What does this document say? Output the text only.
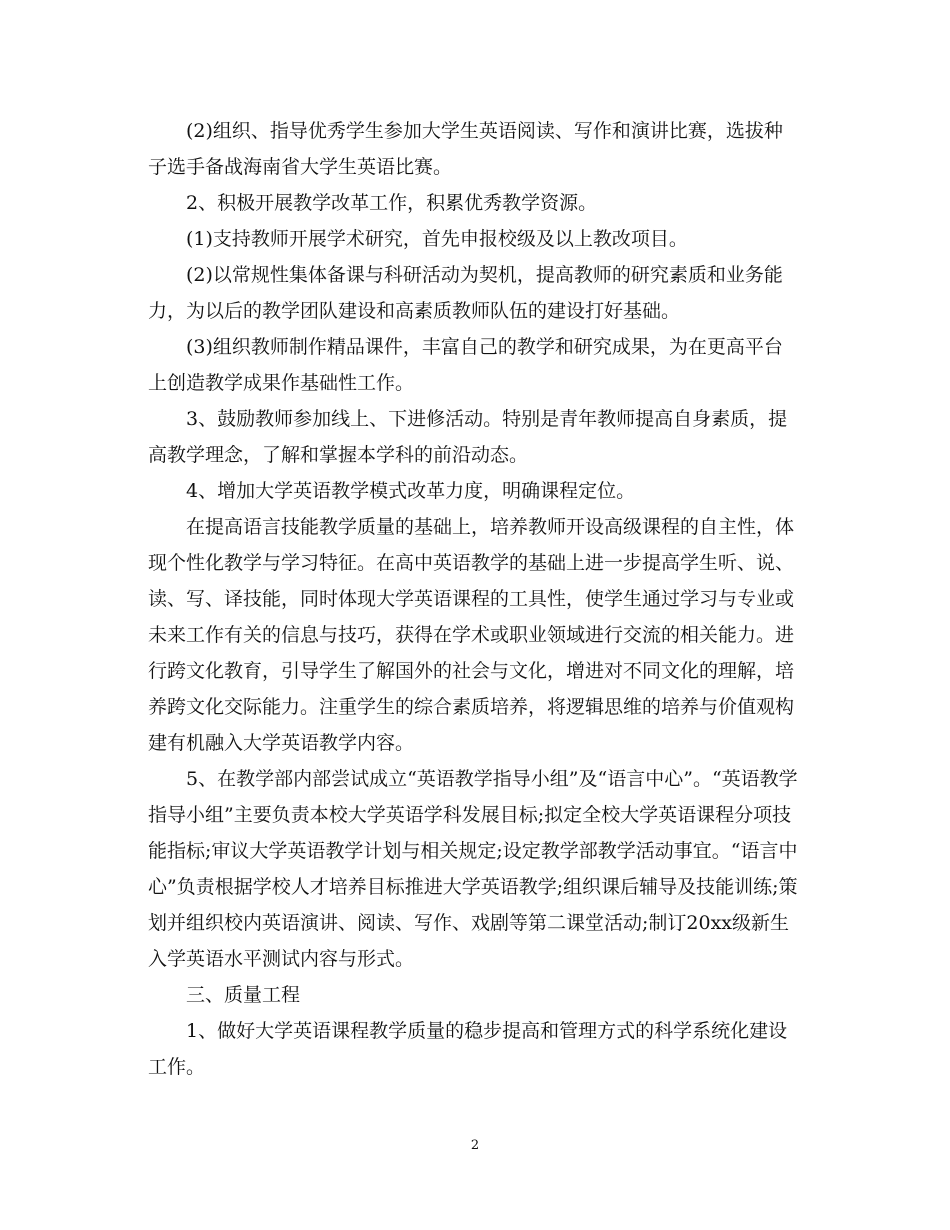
(2)组织、指导优秀学生参加大学生英语阅读、写作和演讲比赛，选拔种子选手备战海南省大学生英语比赛。

2、积极开展教学改革工作，积累优秀教学资源。

(1)支持教师开展学术研究，首先申报校级及以上教改项目。

(2)以常规性集体备课与科研活动为契机，提高教师的研究素质和业务能力，为以后的教学团队建设和高素质教师队伍的建设打好基础。

(3)组织教师制作精品课件，丰富自己的教学和研究成果，为在更高平台上创造教学成果作基础性工作。

3、鼓励教师参加线上、下进修活动。特别是青年教师提高自身素质，提高教学理念，了解和掌握本学科的前沿动态。

4、增加大学英语教学模式改革力度，明确课程定位。

在提高语言技能教学质量的基础上，培养教师开设高级课程的自主性，体现个性化教学与学习特征。在高中英语教学的基础上进一步提高学生听、说、读、写、译技能，同时体现大学英语课程的工具性，使学生通过学习与专业或未来工作有关的信息与技巧，获得在学术或职业领域进行交流的相关能力。进行跨文化教育，引导学生了解国外的社会与文化，增进对不同文化的理解，培养跨文化交际能力。注重学生的综合素质培养，将逻辑思维的培养与价值观构建有机融入大学英语教学内容。

5、在教学部内部尝试成立“英语教学指导小组”及“语言中心”。“英语教学指导小组”主要负责本校大学英语学科发展目标;拟定全校大学英语课程分项技能指标;审议大学英语教学计划与相关规定;设定教学部教学活动事宜。“语言中心”负责根据学校人才培养目标推进大学英语教学;组织课后辅导及技能训练;策划并组织校内英语演讲、阅读、写作、戏剧等第二课堂活动;制订20xx级新生入学英语水平测试内容与形式。

三、质量工程

1、做好大学英语课程教学质量的稳步提高和管理方式的科学系统化建设工作。

2
